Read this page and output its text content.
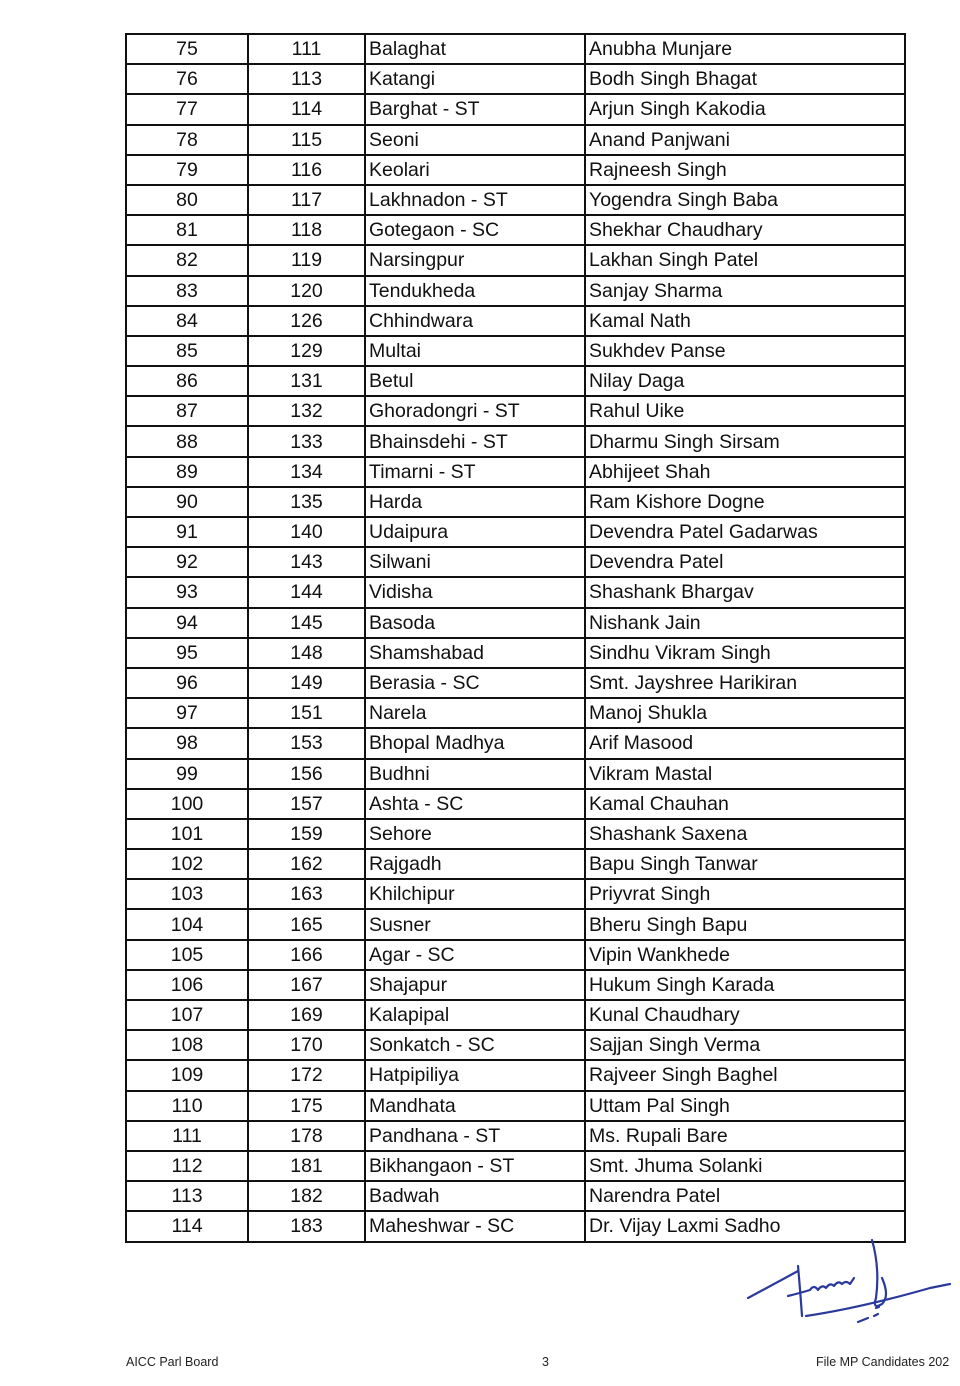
75	111	Balaghat	Anubha Munjare
76	113	Katangi	Bodh Singh Bhagat
77	114	Barghat - ST	Arjun Singh Kakodia
78	115	Seoni	Anand Panjwani
79	116	Keolari	Rajneesh Singh
80	117	Lakhnadon - ST	Yogendra Singh Baba
81	118	Gotegaon - SC	Shekhar Chaudhary
82	119	Narsingpur	Lakhan Singh Patel
83	120	Tendukheda	Sanjay Sharma
84	126	Chhindwara	Kamal Nath
85	129	Multai	Sukhdev Panse
86	131	Betul	Nilay Daga
87	132	Ghoradongri - ST	Rahul Uike
88	133	Bhainsdehi - ST	Dharmu Singh Sirsam
89	134	Timarni - ST	Abhijeet Shah
90	135	Harda	Ram Kishore Dogne
91	140	Udaipura	Devendra Patel Gadarwas
92	143	Silwani	Devendra Patel
93	144	Vidisha	Shashank Bhargav
94	145	Basoda	Nishank Jain
95	148	Shamshabad	Sindhu Vikram Singh
96	149	Berasia - SC	Smt. Jayshree Harikiran
97	151	Narela	Manoj Shukla
98	153	Bhopal Madhya	Arif Masood
99	156	Budhni	Vikram Mastal
100	157	Ashta - SC	Kamal Chauhan
101	159	Sehore	Shashank Saxena
102	162	Rajgadh	Bapu Singh Tanwar
103	163	Khilchipur	Priyvrat Singh
104	165	Susner	Bheru Singh Bapu
105	166	Agar - SC	Vipin Wankhede
106	167	Shajapur	Hukum Singh Karada
107	169	Kalapipal	Kunal Chaudhary
108	170	Sonkatch - SC	Sajjan Singh Verma
109	172	Hatpipiliya	Rajveer Singh Baghel
110	175	Mandhata	Uttam Pal Singh
111	178	Pandhana - ST	Ms. Rupali Bare
112	181	Bikhangaon - ST	Smt. Jhuma Solanki
113	182	Badwah	Narendra Patel
114	183	Maheshwar - SC	Dr. Vijay Laxmi Sadho
AICC Parl Board	3	File MP Candidates 202
